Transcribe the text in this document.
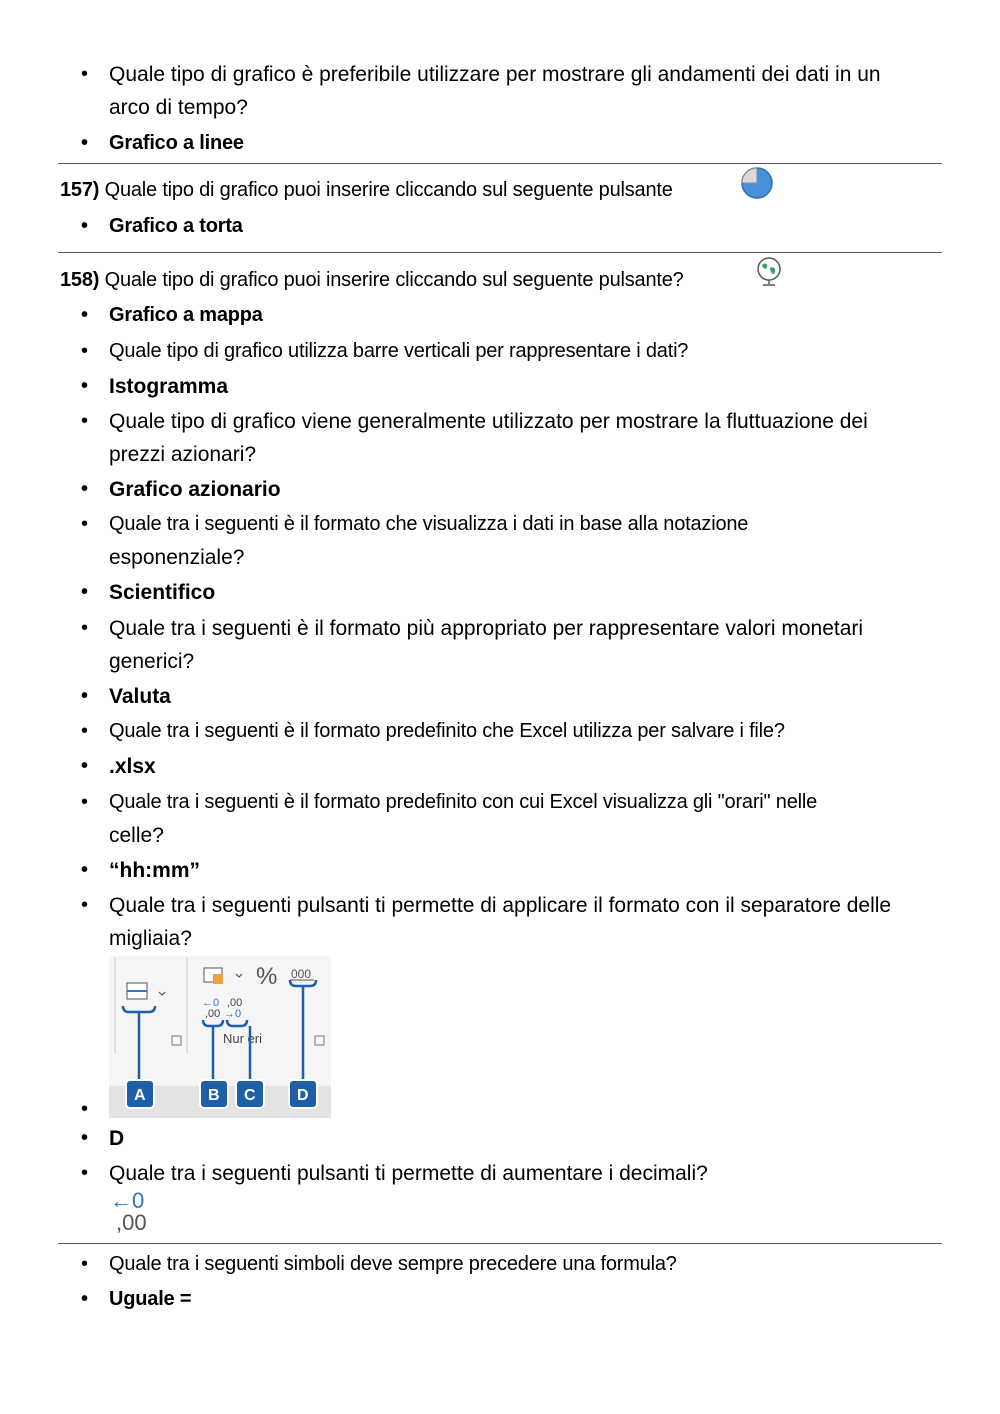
• Quale tipo di grafico è preferibile utilizzare per mostrare gli andamenti dei dati in un
arco di tempo?
• Grafico a linee
157) Quale tipo di grafico puoi inserire cliccando sul seguente pulsante
• Grafico a torta
158) Quale tipo di grafico puoi inserire cliccando sul seguente pulsante?
• Grafico a mappa
• Quale tipo di grafico utilizza barre verticali per rappresentare i dati?
• Istogramma
• Quale tipo di grafico viene generalmente utilizzato per mostrare la fluttuazione dei
prezzi azionari?
• Grafico azionario
• Quale tra i seguenti è il formato che visualizza i dati in base alla notazione
esponenziale?
• Scientifico
• Quale tra i seguenti è il formato più appropriato per rappresentare valori monetari
generici?
• Valuta
• Quale tra i seguenti è il formato predefinito che Excel utilizza per salvare i file?
• .xlsx
• Quale tra i seguenti è il formato predefinito con cui Excel visualizza gli "orari" nelle
celle?
• “hh:mm”
• Quale tra i seguenti pulsanti ti permette di applicare il formato con il separatore delle
migliaia?
•
% 000
←0
,00
,00
→0
Nur eri
A	B C	D
• D
• Quale tra i seguenti pulsanti ti permette di aumentare i decimali?
←0
,00
• Quale tra i seguenti simboli deve sempre precedere una formula?
• Uguale =
